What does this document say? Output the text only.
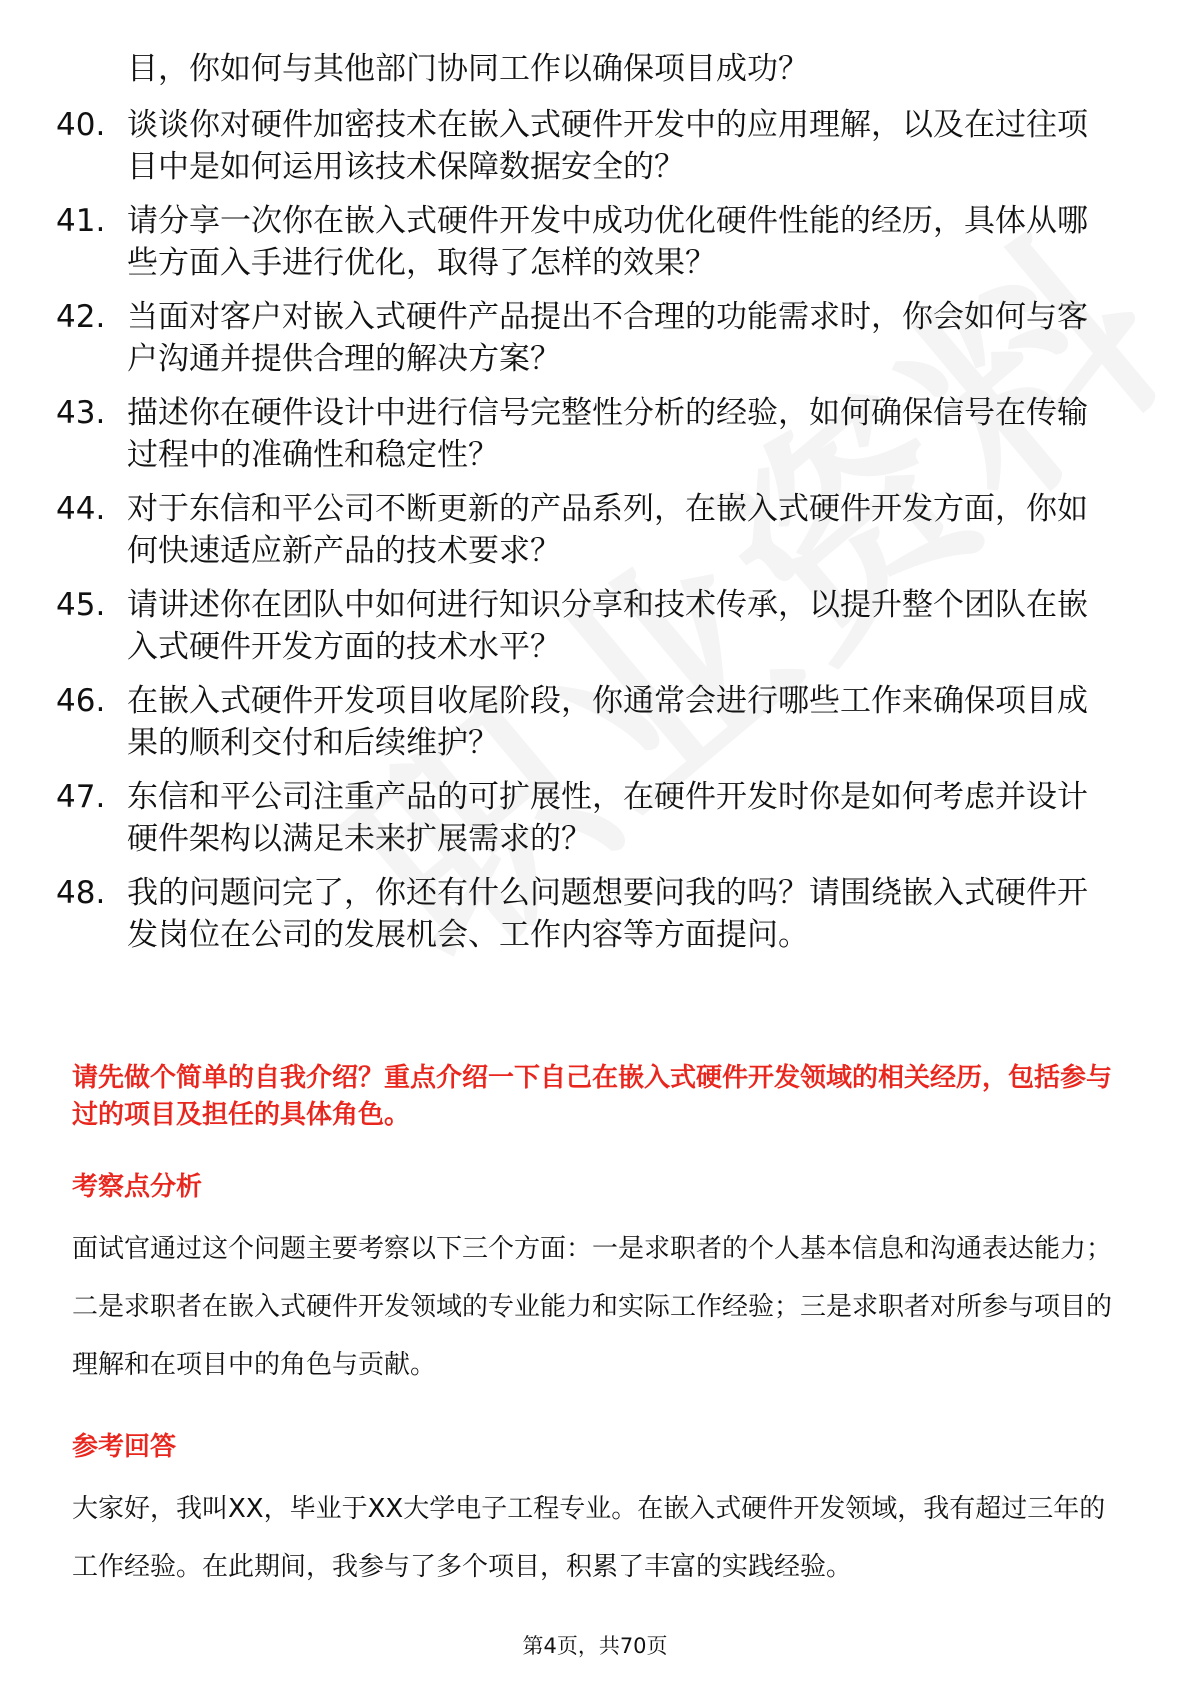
目，你如何与其他部门协同工作以确保项目成功？
40. 谈谈你对硬件加密技术在嵌入式硬件开发中的应用理解，以及在过往项目中是如何运用该技术保障数据安全的？
41. 请分享一次你在嵌入式硬件开发中成功优化硬件性能的经历，具体从哪些方面入手进行优化，取得了怎样的效果？
42. 当面对客户对嵌入式硬件产品提出不合理的功能需求时，你会如何与客户沟通并提供合理的解决方案？
43. 描述你在硬件设计中进行信号完整性分析的经验，如何确保信号在传输过程中的准确性和稳定性？
44. 对于东信和平公司不断更新的产品系列，在嵌入式硬件开发方面，你如何快速适应新产品的技术要求？
45. 请讲述你在团队中如何进行知识分享和技术传承，以提升整个团队在嵌入式硬件开发方面的技术水平？
46. 在嵌入式硬件开发项目收尾阶段，你通常会进行哪些工作来确保项目成果的顺利交付和后续维护？
47. 东信和平公司注重产品的可扩展性，在硬件开发时你是如何考虑并设计硬件架构以满足未来扩展需求的？
48. 我的问题问完了，你还有什么问题想要问我的吗？请围绕嵌入式硬件开发岗位在公司的发展机会、工作内容等方面提问。
请先做个简单的自我介绍？重点介绍一下自己在嵌入式硬件开发领域的相关经历，包括参与过的项目及担任的具体角色。
考察点分析
面试官通过这个问题主要考察以下三个方面：一是求职者的个人基本信息和沟通表达能力；二是求职者在嵌入式硬件开发领域的专业能力和实际工作经验；三是求职者对所参与项目的理解和在项目中的角色与贡献。
参考回答
大家好，我叫XX，毕业于XX大学电子工程专业。在嵌入式硬件开发领域，我有超过三年的工作经验。在此期间，我参与了多个项目，积累了丰富的实践经验。
第4页，共70页
